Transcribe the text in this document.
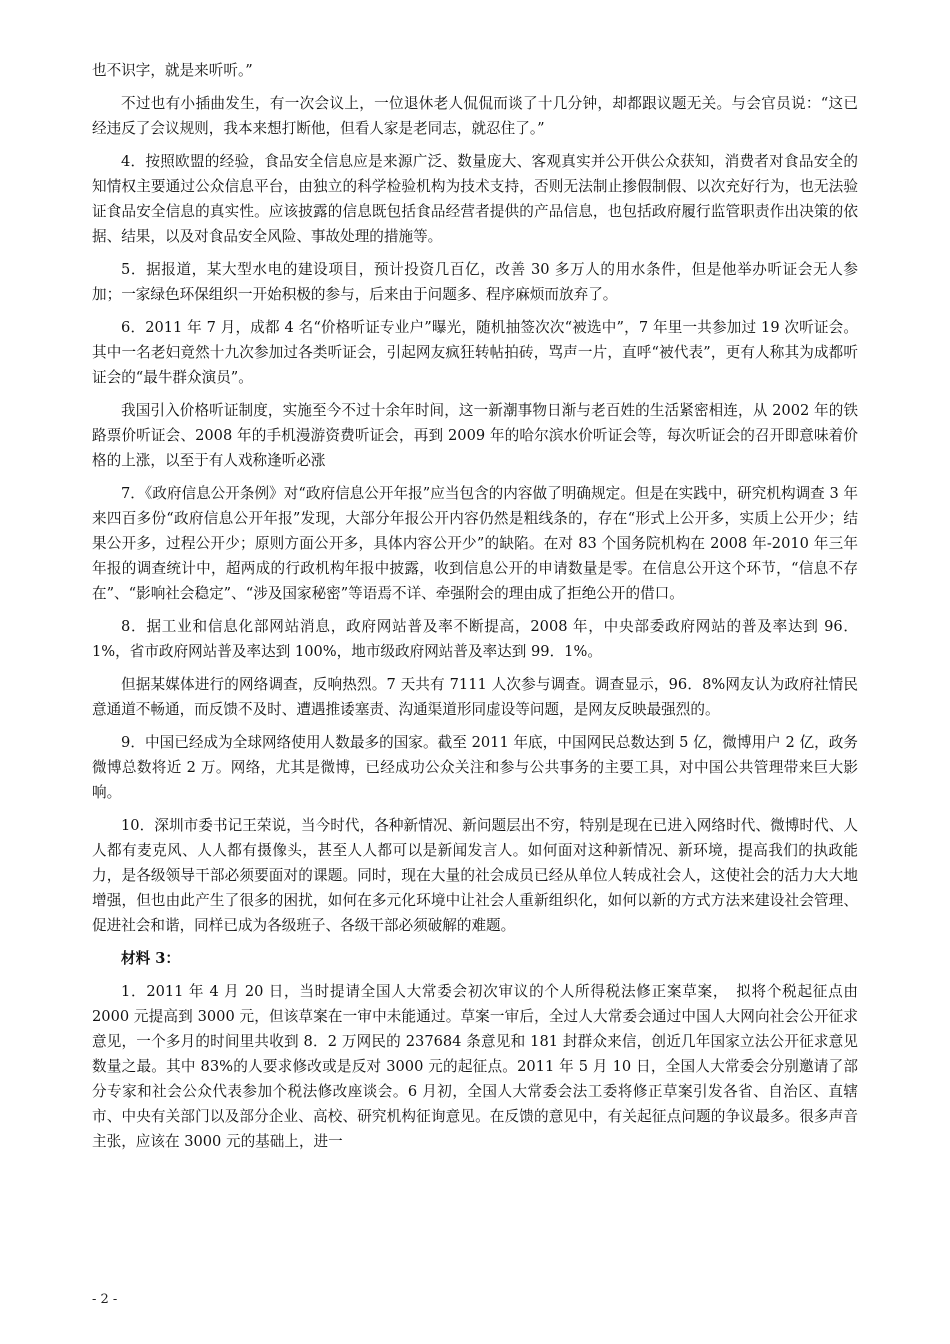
也不识字，就是来听听。”

不过也有小插曲发生，有一次会议上，一位退休老人侃侃而谈了十几分钟，却都跟议题无关。与会官员说：“这已经违反了会议规则，我本来想打断他，但看人家是老同志，就忍住了。”

4．按照欧盟的经验，食品安全信息应是来源广泛、数量庞大、客观真实并公开供公众获知，消费者对食品安全的知情权主要通过公众信息平台，由独立的科学检验机构为技术支持，否则无法制止掺假制假、以次充好行为，也无法验证食品安全信息的真实性。应该披露的信息既包括食品经营者提供的产品信息，也包括政府履行监管职责作出决策的依据、结果，以及对食品安全风险、事故处理的措施等。

5．据报道，某大型水电的建设项目，预计投资几百亿，改善 30 多万人的用水条件，但是他举办听证会无人参加；一家绿色环保组织一开始积极的参与，后来由于问题多、程序麻烦而放弃了。

6．2011 年 7 月，成都 4 名“价格听证专业户”曝光，随机抽签次次“被选中”，7 年里一共参加过 19 次听证会。其中一名老妇竟然十九次参加过各类听证会，引起网友疯狂转帖拍砖，骂声一片，直呼“被代表”，更有人称其为成都听证会的“最牛群众演员”。

我国引入价格听证制度，实施至今不过十余年时间，这一新潮事物日渐与老百姓的生活紧密相连，从 2002 年的铁路票价听证会、2008 年的手机漫游资费听证会，再到 2009 年的哈尔滨水价听证会等，每次听证会的召开即意味着价格的上涨，以至于有人戏称逢听必涨

7．《政府信息公开条例》对“政府信息公开年报”应当包含的内容做了明确规定。但是在实践中，研究机构调查 3 年来四百多份“政府信息公开年报”发现，大部分年报公开内容仍然是粗线条的，存在“形式上公开多，实质上公开少；结果公开多，过程公开少；原则方面公开多，具体内容公开少”的缺陷。在对 83 个国务院机构在 2008 年-2010 年三年年报的调查统计中，超两成的行政机构年报中披露，收到信息公开的申请数量是零。在信息公开这个环节，“信息不存在”、“影响社会稳定”、“涉及国家秘密”等语焉不详、牵强附会的理由成了拒绝公开的借口。

8．据工业和信息化部网站消息，政府网站普及率不断提高，2008 年，中央部委政府网站的普及率达到 96．1%，省市政府网站普及率达到 100%，地市级政府网站普及率达到 99．1%。

但据某媒体进行的网络调查，反响热烈。7 天共有 7111 人次参与调查。调查显示，96．8%网友认为政府社情民意通道不畅通，而反馈不及时、遭遇推诿塞责、沟通渠道形同虚设等问题，是网友反映最强烈的。

9．中国已经成为全球网络使用人数最多的国家。截至 2011 年底，中国网民总数达到 5 亿，微博用户 2 亿，政务微博总数将近 2 万。网络，尤其是微博，已经成功公众关注和参与公共事务的主要工具，对中国公共管理带来巨大影响。

10．深圳市委书记王荣说，当今时代，各种新情况、新问题层出不穷，特别是现在已进入网络时代、微博时代、人人都有麦克风、人人都有摄像头，甚至人人都可以是新闻发言人。如何面对这种新情况、新环境，提高我们的执政能力，是各级领导干部必须要面对的课题。同时，现在大量的社会成员已经从单位人转成社会人，这使社会的活力大大地增强，但也由此产生了很多的困扰，如何在多元化环境中让社会人重新组织化，如何以新的方式方法来建设社会管理、促进社会和谐，同样已成为各级班子、各级干部必须破解的难题。

材料 3：

1．2011 年 4 月 20 日，当时提请全国人大常委会初次审议的个人所得税法修正案草案，　拟将个税起征点由 2000 元提高到 3000 元，但该草案在一审中未能通过。草案一审后，全过人大常委会通过中国人大网向社会公开征求意见，一个多月的时间里共收到 8．2 万网民的 237684 条意见和 181 封群众来信，创近几年国家立法公开征求意见数量之最。其中 83%的人要求修改或是反对 3000 元的起征点。2011 年 5 月 10 日，全国人大常委会分别邀请了部分专家和社会公众代表参加个税法修改座谈会。6 月初，全国人大常委会法工委将修正草案引发各省、自治区、直辖市、中央有关部门以及部分企业、高校、研究机构征询意见。在反馈的意见中，有关起征点问题的争议最多。很多声音主张，应该在 3000 元的基础上，进一

- 2 -
